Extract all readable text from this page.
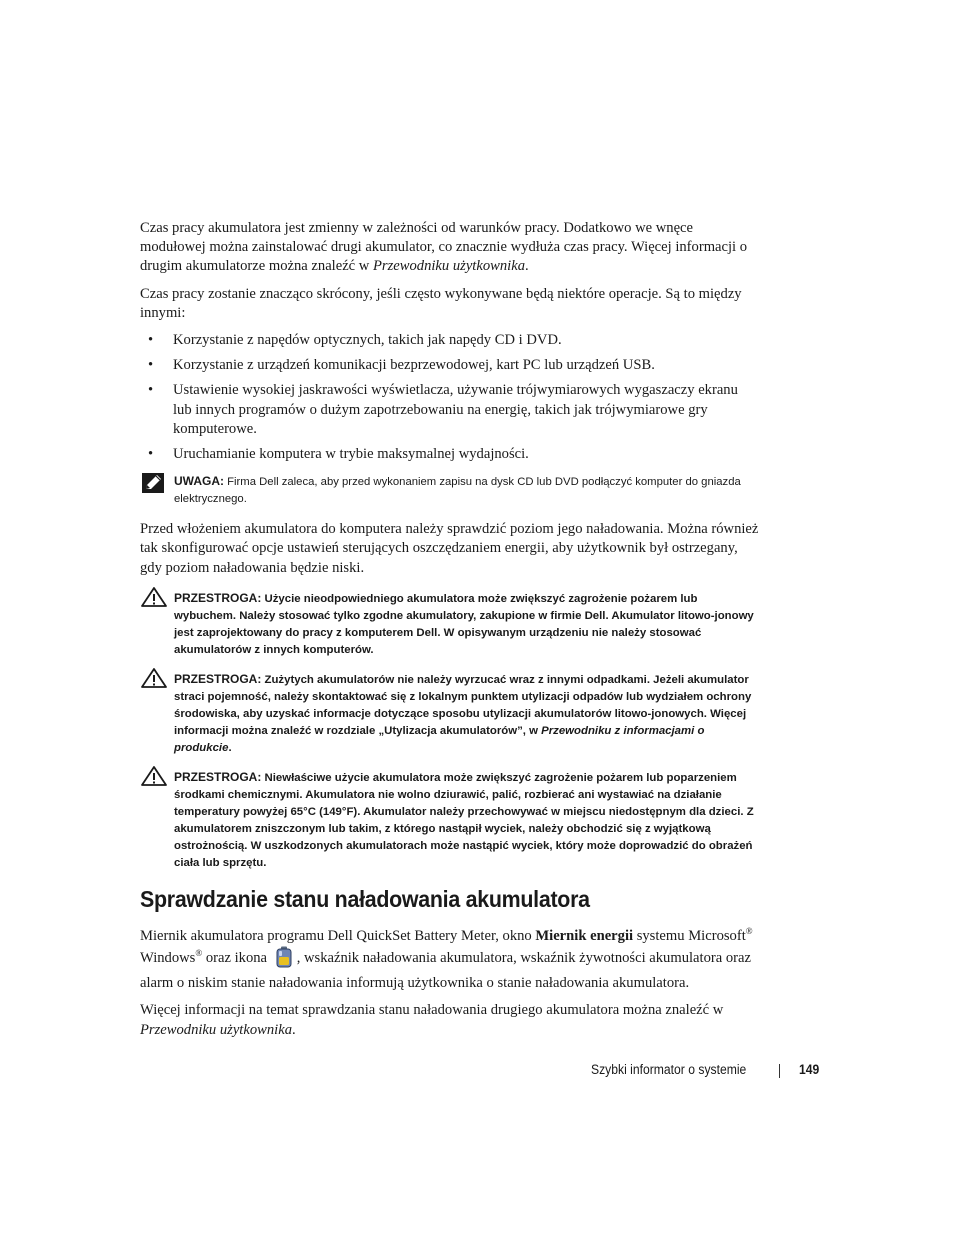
Czas pracy akumulatora jest zmienny w zależności od warunków pracy. Dodatkowo we wnęce modułowej można zainstalować drugi akumulator, co znacznie wydłuża czas pracy. Więcej informacji o drugim akumulatorze można znaleźć w Przewodniku użytkownika.

Czas pracy zostanie znacząco skrócony, jeśli często wykonywane będą niektóre operacje. Są to między innymi:

• Korzystanie z napędów optycznych, takich jak napędy CD i DVD.
• Korzystanie z urządzeń komunikacji bezprzewodowej, kart PC lub urządzeń USB.
• Ustawienie wysokiej jaskrawości wyświetlacza, używanie trójwymiarowych wygaszaczy ekranu lub innych programów o dużym zapotrzebowaniu na energię, takich jak trójwymiarowe gry komputerowe.
• Uruchamianie komputera w trybie maksymalnej wydajności.
UWAGA: Firma Dell zaleca, aby przed wykonaniem zapisu na dysk CD lub DVD podłączyć komputer do gniazda elektrycznego.

Przed włożeniem akumulatora do komputera należy sprawdzić poziom jego naładowania. Można również tak skonfigurować opcje ustawień sterujących oszczędzaniem energii, aby użytkownik był ostrzegany, gdy poziom naładowania będzie niski.

PRZESTROGA: Użycie nieodpowiedniego akumulatora może zwiększyć zagrożenie pożarem lub wybuchem. Należy stosować tylko zgodne akumulatory, zakupione w firmie Dell. Akumulator litowo-jonowy jest zaprojektowany do pracy z komputerem Dell. W opisywanym urządzeniu nie należy stosować akumulatorów z innych komputerów.
PRZESTROGA: Zużytych akumulatorów nie należy wyrzucać wraz z innymi odpadkami. Jeżeli akumulator straci pojemność, należy skontaktować się z lokalnym punktem utylizacji odpadów lub wydziałem ochrony środowiska, aby uzyskać informacje dotyczące sposobu utylizacji akumulatorów litowo-jonowych. Więcej informacji można znaleźć w rozdziale „Utylizacja akumulatorów”, w Przewodniku z informacjami o produkcie.
PRZESTROGA: Niewłaściwe użycie akumulatora może zwiększyć zagrożenie pożarem lub poparzeniem środkami chemicznymi. Akumulatora nie wolno dziurawić, palić, rozbierać ani wystawiać na działanie temperatury powyżej 65°C (149°F). Akumulator należy przechowywać w miejscu niedostępnym dla dzieci. Z akumulatorem zniszczonym lub takim, z którego nastąpił wyciek, należy obchodzić się z wyjątkową ostrożnością. W uszkodzonych akumulatorach może nastąpić wyciek, który może doprowadzić do obrażeń ciała lub sprzętu.
Sprawdzanie stanu naładowania akumulatora

Miernik akumulatora programu Dell QuickSet Battery Meter, okno Miernik energii systemu Microsoft® Windows® oraz ikona , wskaźnik naładowania akumulatora, wskaźnik żywotności akumulatora oraz alarm o niskim stanie naładowania informują użytkownika o stanie naładowania akumulatora.

Więcej informacji na temat sprawdzania stanu naładowania drugiego akumulatora można znaleźć w Przewodniku użytkownika.

Szybki informator o systemie	149
